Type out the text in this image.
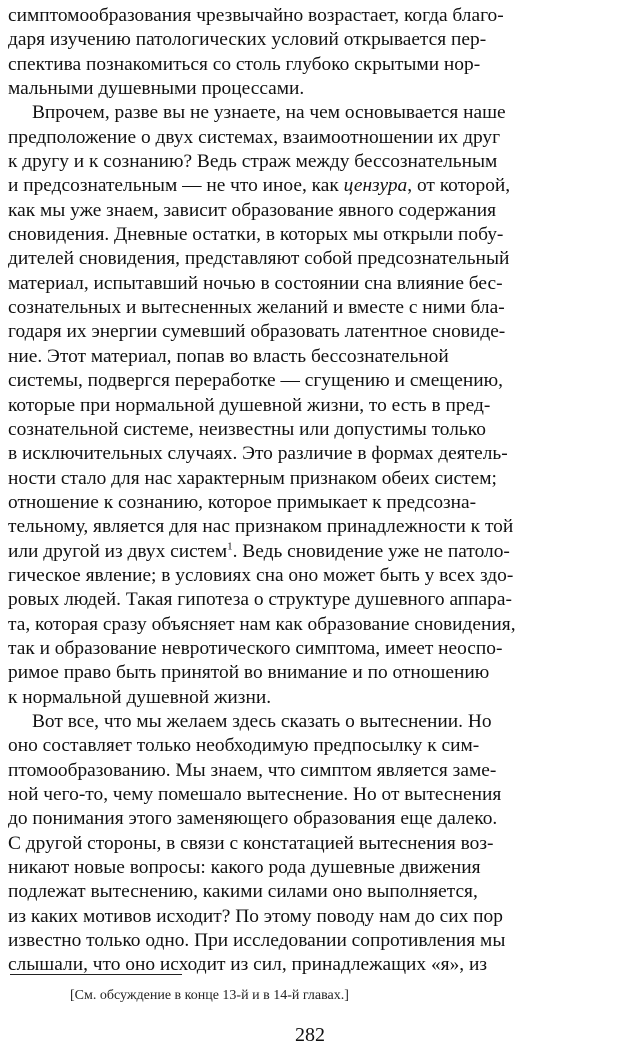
симптомообразования чрезвычайно возрастает, когда благо-
даря изучению патологических условий открывается пер-
спектива познакомиться со столь глубоко скрытыми нор-
мальными душевными процессами.
Впрочем, разве вы не узнаете, на чем основывается наше
предположение о двух системах, взаимоотношении их друг
к другу и к сознанию? Ведь страж между бессознательным
и предсознательным — не что иное, как цензура, от которой,
как мы уже знаем, зависит образование явного содержания
сновидения. Дневные остатки, в которых мы открыли побу-
дителей сновидения, представляют собой предсознательный
материал, испытавший ночью в состоянии сна влияние бес-
сознательных и вытесненных желаний и вместе с ними бла-
годаря их энергии сумевший образовать латентное сновиде-
ние. Этот материал, попав во власть бессознательной
системы, подвергся переработке — сгущению и смещению,
которые при нормальной душевной жизни, то есть в пред-
сознательной системе, неизвестны или допустимы только
в исключительных случаях. Это различие в формах деятель-
ности стало для нас характерным признаком обеих систем;
отношение к сознанию, которое примыкает к предсозна-
тельному, является для нас признаком принадлежности к той
или другой из двух систем$^1$. Ведь сновидение уже не патоло-
гическое явление; в условиях сна оно может быть у всех здо-
ровых людей. Такая гипотеза о структуре душевного аппара-
та, которая сразу объясняет нам как образование сновидения,
так и образование невротического симптома, имеет неоспо-
римое право быть принятой во внимание и по отношению
к нормальной душевной жизни.
Вот все, что мы желаем здесь сказать о вытеснении. Но
оно составляет только необходимую предпосылку к сим-
птомообразованию. Мы знаем, что симптом является заме-
ной чего-то, чему помешало вытеснение. Но от вытеснения
до понимания этого заменяющего образования еще далеко.
С другой стороны, в связи с констатацией вытеснения воз-
никают новые вопросы: какого рода душевные движения
подлежат вытеснению, какими силами оно выполняется,
из каких мотивов исходит? По этому поводу нам до сих пор
известно только одно. При исследовании сопротивления мы
слышали, что оно исходит из сил, принадлежащих «я», из
[См. обсуждение в конце 13-й и в 14-й главах.]
282
